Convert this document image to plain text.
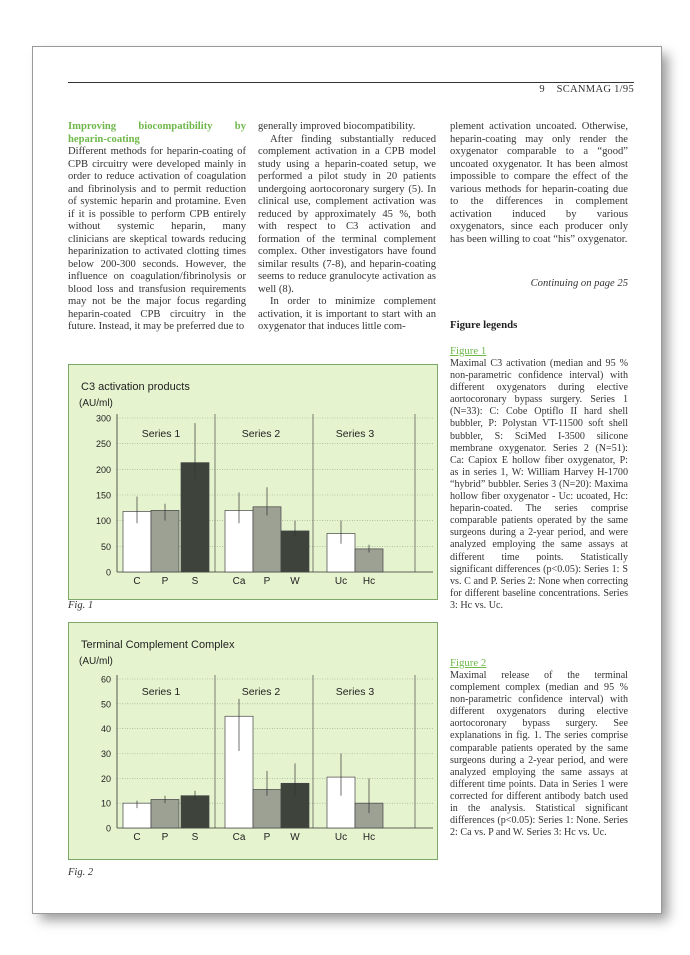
9 SCANMAG 1/95
Improving biocompatibility by heparin-coating
Different methods for heparin-coating of CPB circuitry were developed mainly in order to reduce activation of coagulation and fibrinolysis and to permit reduction of systemic heparin and protamine. Even if it is possible to perform CPB entirely without systemic heparin, many clinicians are skeptical towards reducing heparinization to activated clotting times below 200-300 seconds. However, the influence on coagulation/fibrinolysis or blood loss and transfusion requirements may not be the major focus regarding heparin-coated CPB circuitry in the future. Instead, it may be preferred due to
generally improved biocompatibility.
After finding substantially reduced complement activation in a CPB model study using a heparin-coated setup, we performed a pilot study in 20 patients undergoing aortocoronary surgery (5). In clinical use, complement activation was reduced by approximately 45 %, both with respect to C3 activation and formation of the terminal complement complex. Other investigators have found similar results (7-8), and heparin-coating seems to reduce granulocyte activation as well (8).
In order to minimize complement activation, it is important to start with an oxygenator that induces little com-
plement activation uncoated. Otherwise, heparin-coating may only render the oxygenator comparable to a “good” uncoated oxygenator. It has been almost impossible to compare the effect of the various methods for heparin-coating due to the differences in complement activation induced by various oxygenators, since each producer only has been willing to coat “his” oxygenator.
Continuing on page 25
Figure legends
Figure 1
Maximal C3 activation (median and 95 % non-parametric confidence interval) with different oxygenators during elective aortocoronary bypass surgery. Series 1 (N=33): C: Cobe Optiflo II hard shell bubbler, P: Polystan VT-11500 soft shell bubbler, S: SciMed I-3500 silicone membrane oxygenator. Series 2 (N=51): Ca: Capiox E hollow fiber oxygenator, P: as in series 1, W: William Harvey H-1700 “hybrid” bubbler. Series 3 (N=20): Maxima hollow fiber oxygenator - Uc: ucoated, Hc: heparin-coated. The series comprise comparable patients operated by the same surgeons during a 2-year period, and were analyzed employing the same assays at different time points. Statistically significant differences (p<0.05): Series 1: S vs. C and P. Series 2: None when correcting for different baseline concentrations. Series 3: Hc vs. Uc.
Figure 2
Maximal release of the terminal complement complex (median and 95 % non-parametric confidence interval) with different oxygenators during elective aortocoronary bypass surgery. See explanations in fig. 1. The series comprise comparable patients operated by the same surgeons during a 2-year period, and were analyzed employing the same assays at different time points. Data in Series 1 were corrected for different antibody batch used in the analysis. Statistical significant differences (p<0.05): Series 1: None. Series 2: Ca vs. P and W. Series 3: Hc vs. Uc.
C3 activation products
(AU/ml)
0
50
100
150
200
250
300
Series 1	Series 2	Series 3
C P S	Ca P W	Uc Hc
Fig. 1
Terminal Complement Complex
(AU/ml)
0
10
20
30
40
50
60
Series 1	Series 2	Series 3
C P S	Ca P W	Uc Hc
Fig. 2
